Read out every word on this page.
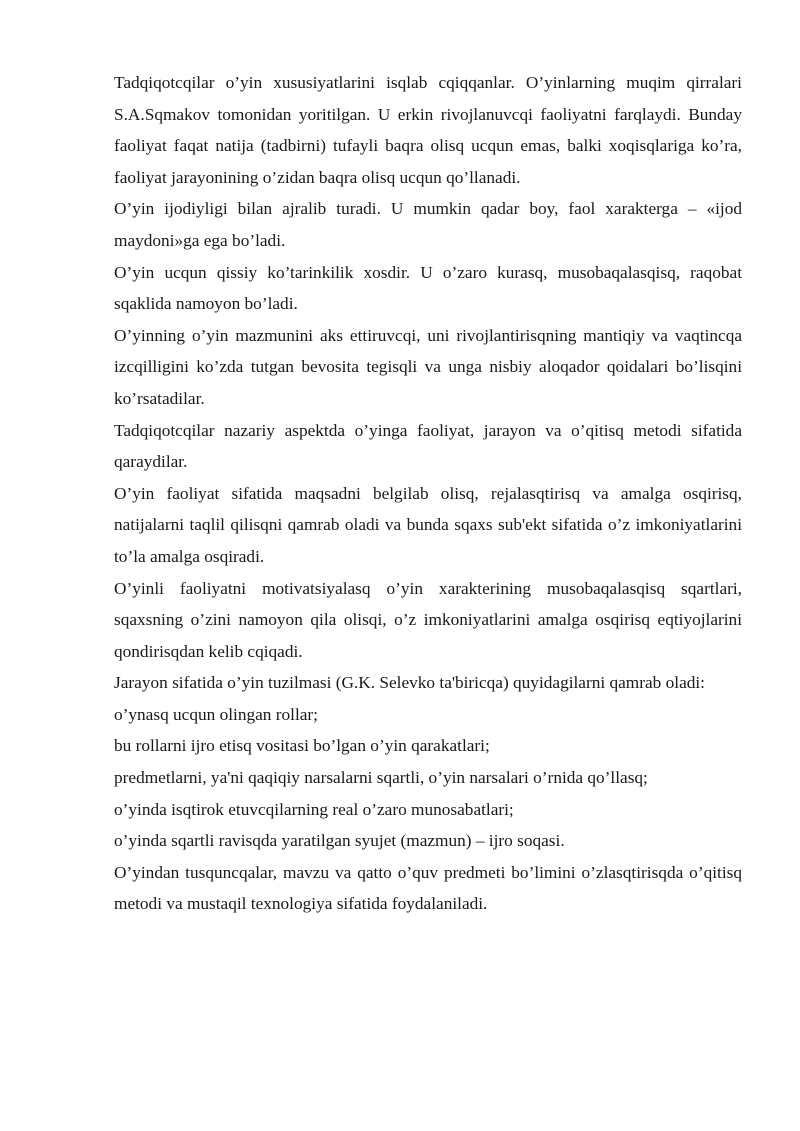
Tadqiqotcqilar o’yin xususiyatlarini isqlab cqiqqanlar. O’yinlarning muqim qirralari S.A.Sqmakov tomonidan yoritilgan. U erkin rivojlanuvcqi faoliyatni farqlaydi. Bunday faoliyat faqat natija (tadbirni) tufayli baqra olisq ucqun emas, balki xoqisqlariga ko’ra, faoliyat jarayonining o’zidan baqra olisq ucqun qo’llanadi.

O’yin ijodiyligi bilan ajralib turadi. U mumkin qadar boy, faol xarakterga – «ijod maydoni»ga ega bo’ladi.

O’yin ucqun qissiy ko’tarinkilik xosdir. U o’zaro kurasq, musobaqalasqisq, raqobat sqaklida namoyon bo’ladi.

O’yinning o’yin mazmunini aks ettiruvcqi, uni rivojlantirisqning mantiqiy va vaqtincqa izcqilligini ko’zda tutgan bevosita tegisqli va unga nisbiy aloqador qoidalari bo’lisqini ko’rsatadilar.

Tadqiqotcqilar nazariy aspektda o’yinga faoliyat, jarayon va o’qitisq metodi sifatida qaraydilar.

O’yin faoliyat sifatida maqsadni belgilab olisq, rejalasqtirisq va amalga osqirisq, natijalarni taqlil qilisqni qamrab oladi va bunda sqaxs sub'ekt sifatida o’z imkoniyatlarini to’la amalga osqiradi.

O’yinli faoliyatni motivatsiyalasq o’yin xarakterining musobaqalasqisq sqartlari, sqaxsning o’zini namoyon qila olisqi, o’z imkoniyatlarini amalga osqirisq eqtiyojlarini qondirisqdan kelib cqiqadi.

Jarayon sifatida o’yin tuzilmasi (G.K. Selevko ta'biricqa) quyidagilarni qamrab oladi:

o’ynasq ucqun olingan rollar;

bu rollarni ijro etisq vositasi bo’lgan o’yin qarakatlari;

predmetlarni, ya'ni qaqiqiy narsalarni sqartli, o’yin narsalari o’rnida qo’llasq;

o’yinda isqtirok etuvcqilarning real o’zaro munosabatlari;

o’yinda sqartli ravisqda yaratilgan syujet (mazmun) – ijro soqasi.

O’yindan tusquncqalar, mavzu va qatto o’quv predmeti bo’limini o’zlasqtirisqda o’qitisq metodi va mustaqil texnologiya sifatida foydalaniladi.
